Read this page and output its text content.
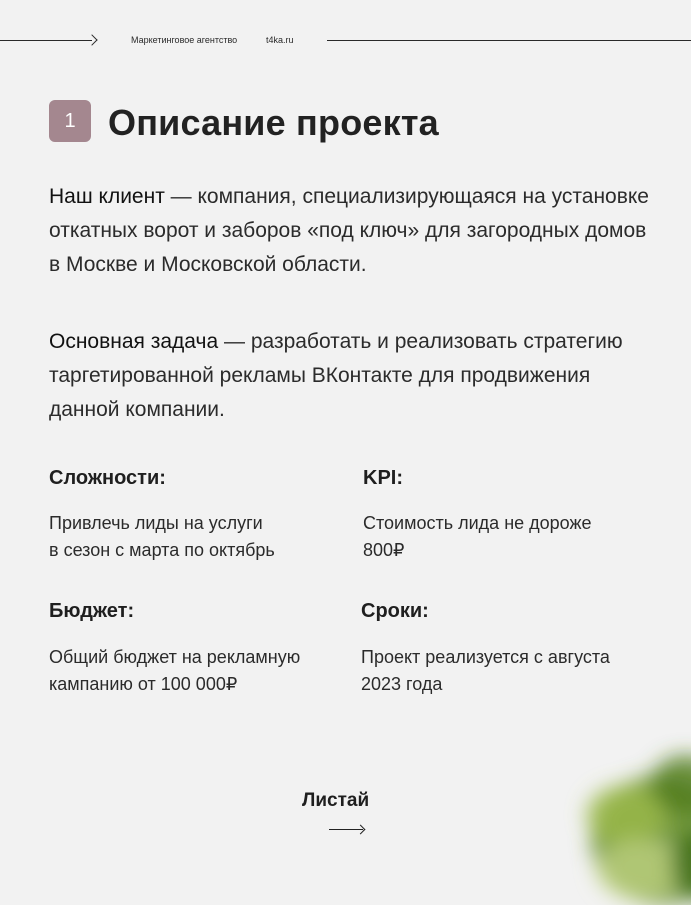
Маркетинговое агентство	t4ka.ru
1 Описание проекта
Наш клиент — компания, специализирующаяся на установке откатных ворот и заборов «под ключ» для загородных домов в Москве и Московской области.
Основная задача — разработать и реализовать стратегию таргетированной рекламы ВКонтакте для продвижения данной компании.
Сложности:
Привлечь лиды на услуги
в сезон с марта по октябрь
KPI:
Стоимость лида не дороже
800₽
Бюджет:
Общий бюджет на рекламную
кампанию от 100 000₽
Сроки:
Проект реализуется с августа
2023 года
Листай
